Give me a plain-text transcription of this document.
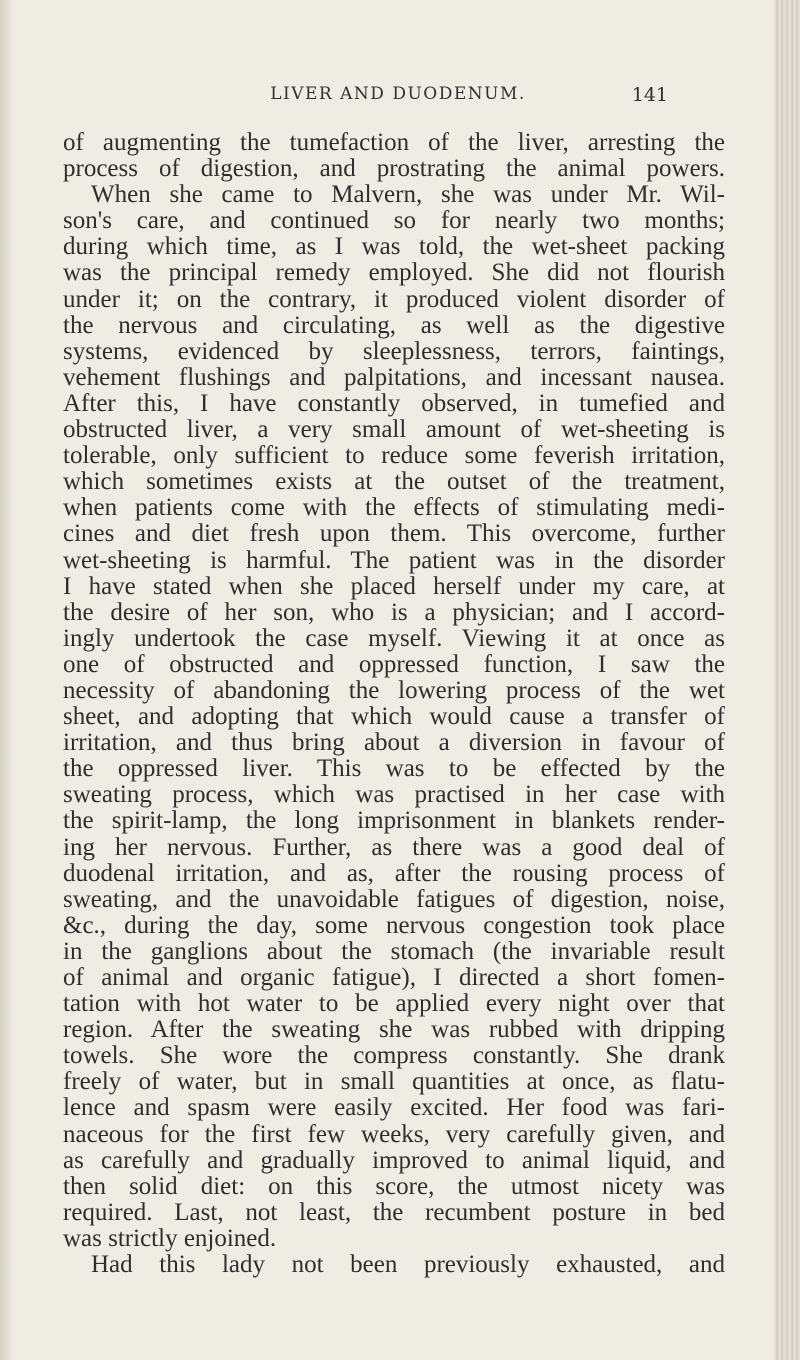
LIVER AND DUODENUM.	141
of augmenting the tumefaction of the liver, arresting the
process of digestion, and prostrating the animal powers.
When she came to Malvern, she was under Mr. Wil-
son's care, and continued so for nearly two months;
during which time, as I was told, the wet-sheet packing
was the principal remedy employed. She did not flourish
under it; on the contrary, it produced violent disorder of
the nervous and circulating, as well as the digestive
systems, evidenced by sleeplessness, terrors, faintings,
vehement flushings and palpitations, and incessant nausea.
After this, I have constantly observed, in tumefied and
obstructed liver, a very small amount of wet-sheeting is
tolerable, only sufficient to reduce some feverish irritation,
which sometimes exists at the outset of the treatment,
when patients come with the effects of stimulating medi-
cines and diet fresh upon them. This overcome, further
wet-sheeting is harmful. The patient was in the disorder
I have stated when she placed herself under my care, at
the desire of her son, who is a physician; and I accord-
ingly undertook the case myself. Viewing it at once as
one of obstructed and oppressed function, I saw the
necessity of abandoning the lowering process of the wet
sheet, and adopting that which would cause a transfer of
irritation, and thus bring about a diversion in favour of
the oppressed liver. This was to be effected by the
sweating process, which was practised in her case with
the spirit-lamp, the long imprisonment in blankets render-
ing her nervous. Further, as there was a good deal of
duodenal irritation, and as, after the rousing process of
sweating, and the unavoidable fatigues of digestion, noise,
&c., during the day, some nervous congestion took place
in the ganglions about the stomach (the invariable result
of animal and organic fatigue), I directed a short fomen-
tation with hot water to be applied every night over that
region. After the sweating she was rubbed with dripping
towels. She wore the compress constantly. She drank
freely of water, but in small quantities at once, as flatu-
lence and spasm were easily excited. Her food was fari-
naceous for the first few weeks, very carefully given, and
as carefully and gradually improved to animal liquid, and
then solid diet: on this score, the utmost nicety was
required. Last, not least, the recumbent posture in bed
was strictly enjoined.
Had this lady not been previously exhausted, and
